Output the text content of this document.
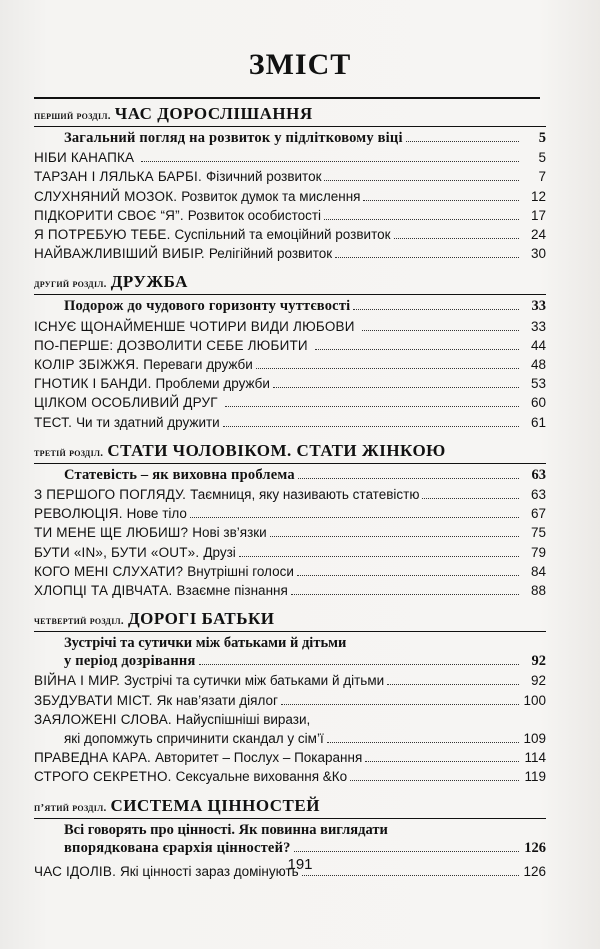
ЗМІСТ
перший розділ. ЧАС ДОРОСЛІШАННЯ
Загальний погляд на розвиток у підлітковому віці	5
НІБИ КАНАПКА	5
ТАРЗАН І ЛЯЛЬКА БАРБІ. Фізичний розвиток	7
СЛУХНЯНИЙ МОЗОК. Розвиток думок та мислення	12
ПІДКОРИТИ СВОЄ “Я”. Розвиток особистості	17
Я ПОТРЕБУЮ ТЕБЕ. Суспільний та емоційний розвиток	24
НАЙВАЖЛИВІШИЙ ВИБІР. Релігійний розвиток	30
другий розділ. ДРУЖБА
Подорож до чудового горизонту чуттєвості	33
ІСНУЄ ЩОНАЙМЕНШЕ ЧОТИРИ ВИДИ ЛЮБОВИ	33
ПО-ПЕРШЕ: ДОЗВОЛИТИ СЕБЕ ЛЮБИТИ	44
КОЛІР ЗБІЖЖЯ. Переваги дружби	48
ГНОТИК І БАНДИ. Проблеми дружби	53
ЦІЛКОМ ОСОБЛИВИЙ ДРУГ	60
ТЕСТ. Чи ти здатний дружити	61
третій розділ. СТАТИ ЧОЛОВІКОМ. СТАТИ ЖІНКОЮ
Статевість – як виховна проблема	63
З ПЕРШОГО ПОГЛЯДУ. Таємниця, яку називають статевістю	63
РЕВОЛЮЦІЯ. Нове тіло	67
ТИ МЕНЕ ЩЕ ЛЮБИШ? Нові зв’язки	75
БУТИ «IN», БУТИ «OUT». Друзі	79
КОГО МЕНІ СЛУХАТИ? Внутрішні голоси	84
ХЛОПЦІ ТА ДІВЧАТА. Взаємне пізнання	88
четвертий розділ. ДОРОГІ БАТЬКИ
Зустрічі та сутички між батьками й дітьми
у період дозрівання	92
ВІЙНА І МИР. Зустрічі та сутички між батьками й дітьми	92
ЗБУДУВАТИ МІСТ. Як нав’язати діялог	100
ЗАЯЛОЖЕНІ СЛОВА. Найуспішніші вирази,
які допомжуть спричинити скандал у сім’ї	109
ПРАВЕДНА КАРА. Авторитет – Послух – Покарання	114
СТРОГО СЕКРЕТНО. Сексуальне виховання &Ко	119
п’ятий розділ. СИСТЕМА ЦІННОСТЕЙ
Всі говорять про цінності. Як повинна виглядати
впорядкована єрархія цінностей?	126
ЧАС ІДОЛІВ. Які цінності зараз домінують	126
191
